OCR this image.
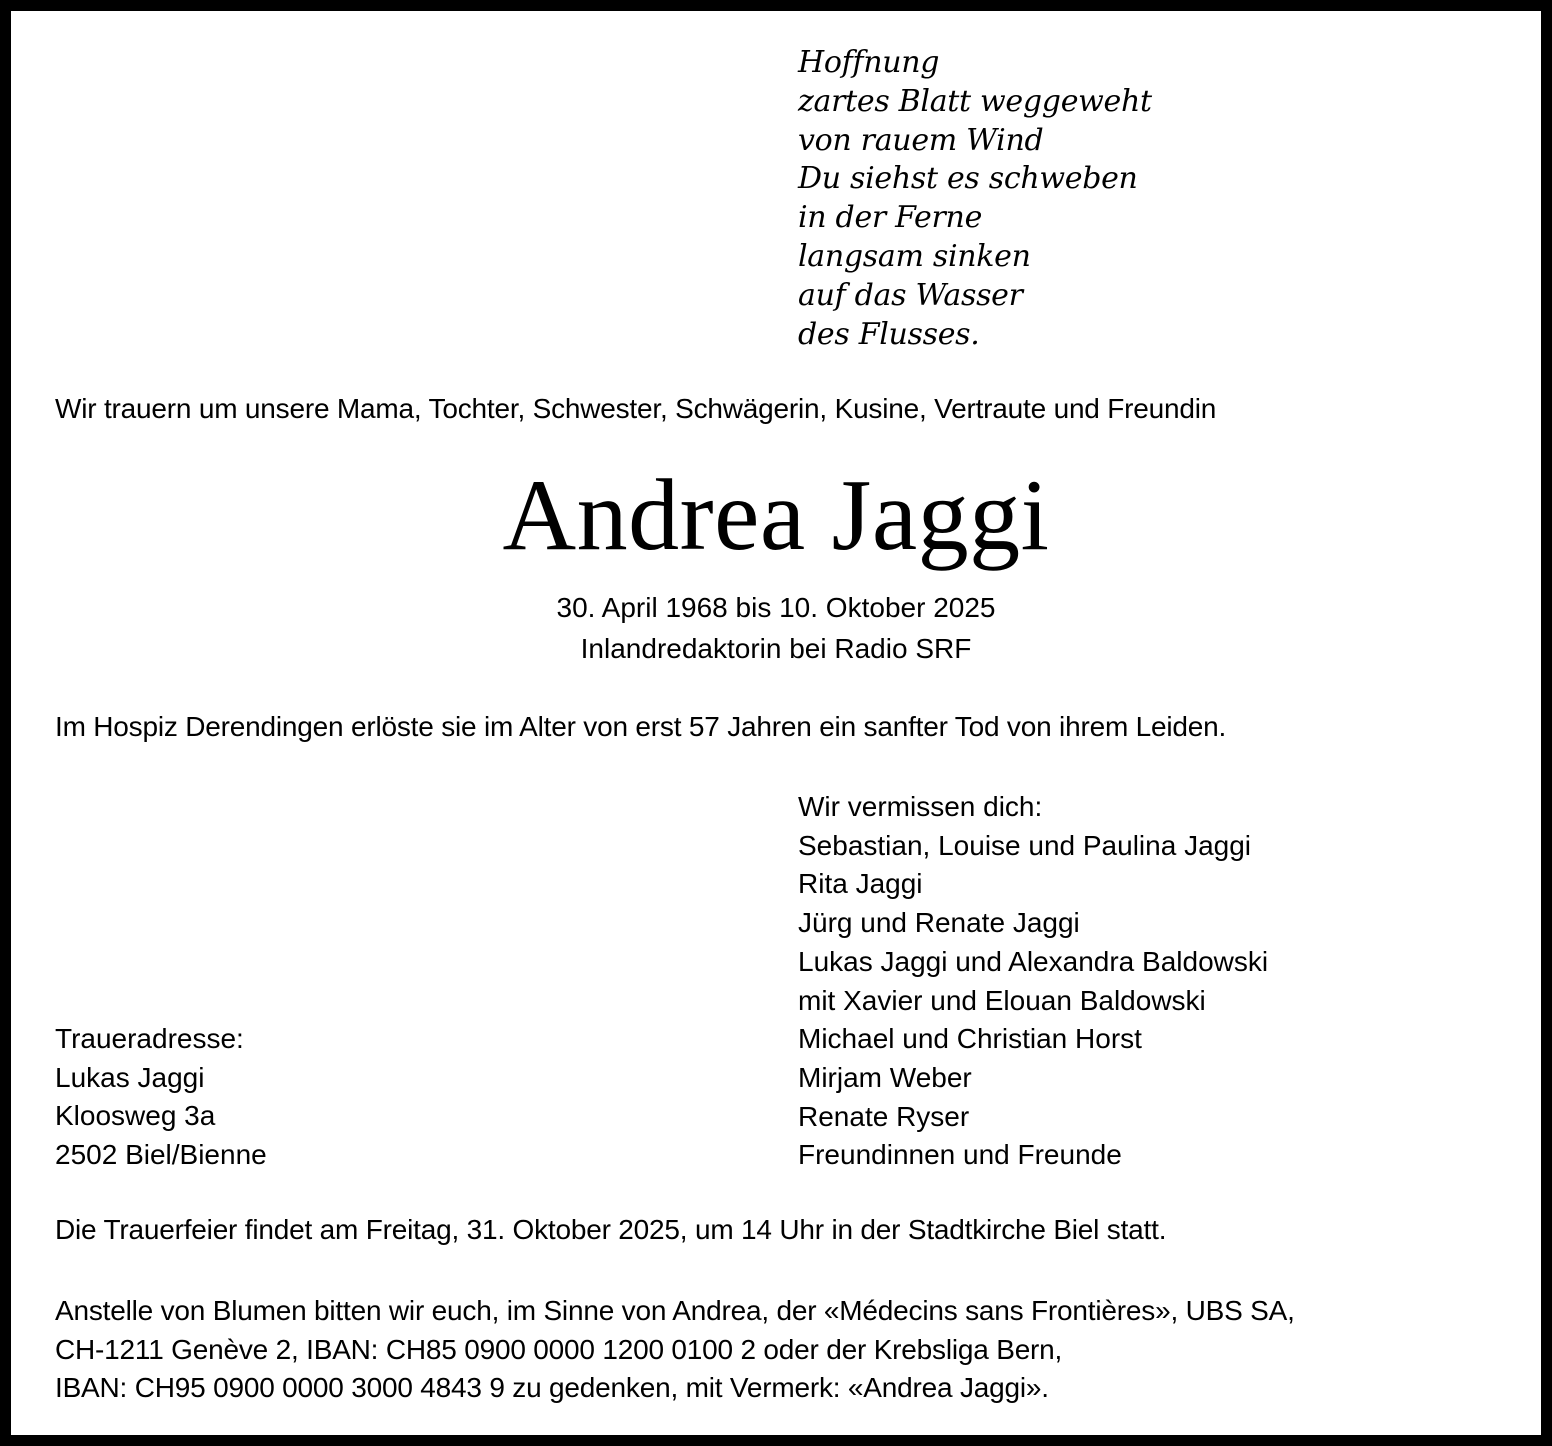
Hoffnung
zartes Blatt weggeweht
von rauem Wind
Du siehst es schweben
in der Ferne
langsam sinken
auf das Wasser
des Flusses.
Wir trauern um unsere Mama, Tochter, Schwester, Schwägerin, Kusine, Vertraute und Freundin
Andrea Jaggi
30. April 1968 bis 10. Oktober 2025
Inlandredaktorin bei Radio SRF
Im Hospiz Derendingen erlöste sie im Alter von erst 57 Jahren ein sanfter Tod von ihrem Leiden.
Wir vermissen dich:
Sebastian, Louise und Paulina Jaggi
Rita Jaggi
Jürg und Renate Jaggi
Lukas Jaggi und Alexandra Baldowski
mit Xavier und Elouan Baldowski
Michael und Christian Horst
Mirjam Weber
Renate Ryser
Freundinnen und Freunde
Traueradresse:
Lukas Jaggi
Kloosweg 3a
2502 Biel/Bienne
Die Trauerfeier findet am Freitag, 31. Oktober 2025, um 14 Uhr in der Stadtkirche Biel statt.
Anstelle von Blumen bitten wir euch, im Sinne von Andrea, der «Médecins sans Frontières», UBS SA,
CH-1211 Genève 2, IBAN: CH85 0900 0000 1200 0100 2 oder der Krebsliga Bern,
IBAN: CH95 0900 0000 3000 4843 9 zu gedenken, mit Vermerk: «Andrea Jaggi».
